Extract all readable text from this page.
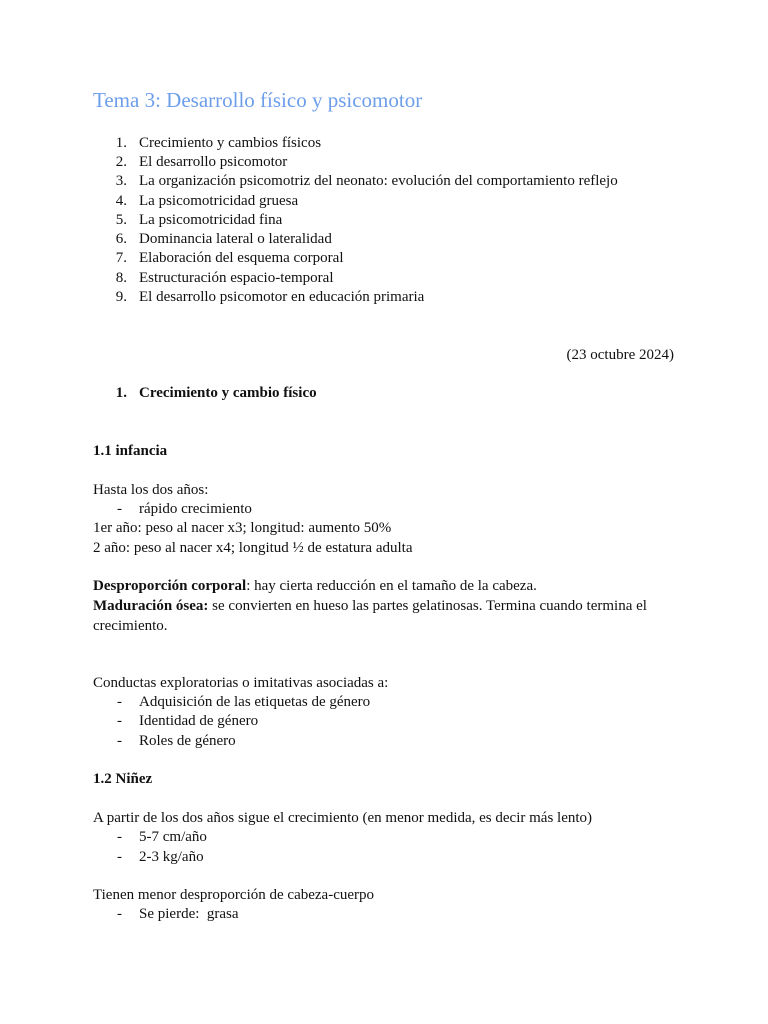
Tema 3: Desarrollo físico y psicomotor
1. Crecimiento y cambios físicos
2. El desarrollo psicomotor
3. La organización psicomotriz del neonato: evolución del comportamiento reflejo
4. La psicomotricidad gruesa
5. La psicomotricidad fina
6. Dominancia lateral o lateralidad
7. Elaboración del esquema corporal
8. Estructuración espacio-temporal
9. El desarrollo psicomotor en educación primaria
(23 octubre 2024)
1. Crecimiento y cambio físico
1.1 infancia
Hasta los dos años:
- rápido crecimiento
1er año: peso al nacer x3; longitud: aumento 50%
2 año: peso al nacer x4; longitud ½ de estatura adulta
Desproporción corporal: hay cierta reducción en el tamaño de la cabeza.
Maduración ósea: se convierten en hueso las partes gelatinosas. Termina cuando termina el
crecimiento.
Conductas exploratorias o imitativas asociadas a:
- Adquisición de las etiquetas de género
- Identidad de género
- Roles de género
1.2 Niñez
A partir de los dos años sigue el crecimiento (en menor medida, es decir más lento)
- 5-7 cm/año
- 2-3 kg/año
Tienen menor desproporción de cabeza-cuerpo
- Se pierde:  grasa
